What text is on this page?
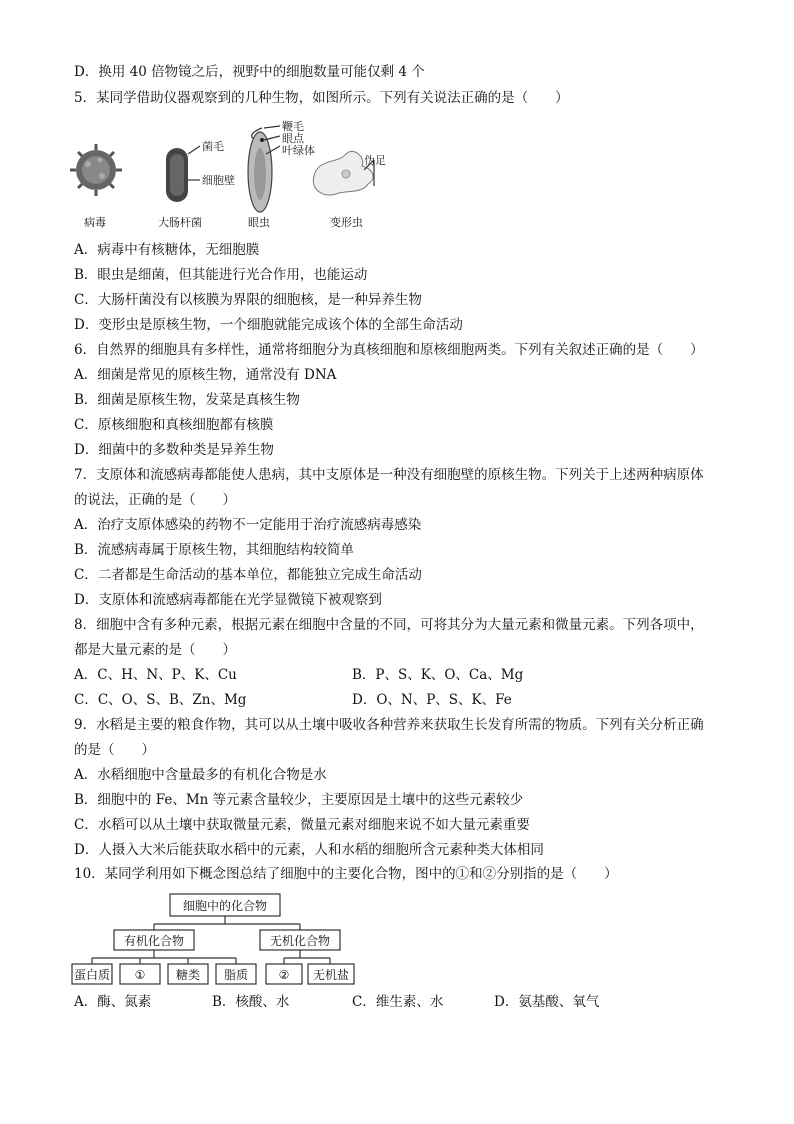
D．换用 40 倍物镜之后，视野中的细胞数量可能仅剩 4 个
5．某同学借助仪器观察到的几种生物，如图所示。下列有关说法正确的是（　　）
菌毛
细胞壁
鞭毛
眼点
叶绿体
伪足
病毒	大肠杆菌	眼虫	变形虫
A．病毒中有核糖体，无细胞膜
B．眼虫是细菌，但其能进行光合作用，也能运动
C．大肠杆菌没有以核膜为界限的细胞核，是一种异养生物
D．变形虫是原核生物，一个细胞就能完成该个体的全部生命活动
6．自然界的细胞具有多样性，通常将细胞分为真核细胞和原核细胞两类。下列有关叙述正确的是（　　）
A．细菌是常见的原核生物，通常没有 DNA
B．细菌是原核生物，发菜是真核生物
C．原核细胞和真核细胞都有核膜
D．细菌中的多数种类是异养生物
7．支原体和流感病毒都能使人患病，其中支原体是一种没有细胞壁的原核生物。下列关于上述两种病原体
的说法，正确的是（　　）
A．治疗支原体感染的药物不一定能用于治疗流感病毒感染
B．流感病毒属于原核生物，其细胞结构较简单
C．二者都是生命活动的基本单位，都能独立完成生命活动
D．支原体和流感病毒都能在光学显微镜下被观察到
8．细胞中含有多种元素，根据元素在细胞中含量的不同，可将其分为大量元素和微量元素。下列各项中，
都是大量元素的是（　　）
A．C、H、N、P、K、Cu	B．P、S、K、O、Ca、Mg
C．C、O、S、B、Zn、Mg	D．O、N、P、S、K、Fe
9．水稻是主要的粮食作物，其可以从土壤中吸收各种营养来获取生长发育所需的物质。下列有关分析正确
的是（　　）
A．水稻细胞中含量最多的有机化合物是水
B．细胞中的 Fe、Mn 等元素含量较少，主要原因是土壤中的这些元素较少
C．水稻可以从土壤中获取微量元素，微量元素对细胞来说不如大量元素重要
D．人摄入大米后能获取水稻中的元素，人和水稻的细胞所含元素种类大体相同
10．某同学利用如下概念图总结了细胞中的主要化合物，图中的①和②分别指的是（　　）
细胞中的化合物
有机化合物	无机化合物
蛋白质 ①	糖类 脂质	② 无机盐
A．酶、氮素	B．核酸、水	C．维生素、水	D．氨基酸、氧气
